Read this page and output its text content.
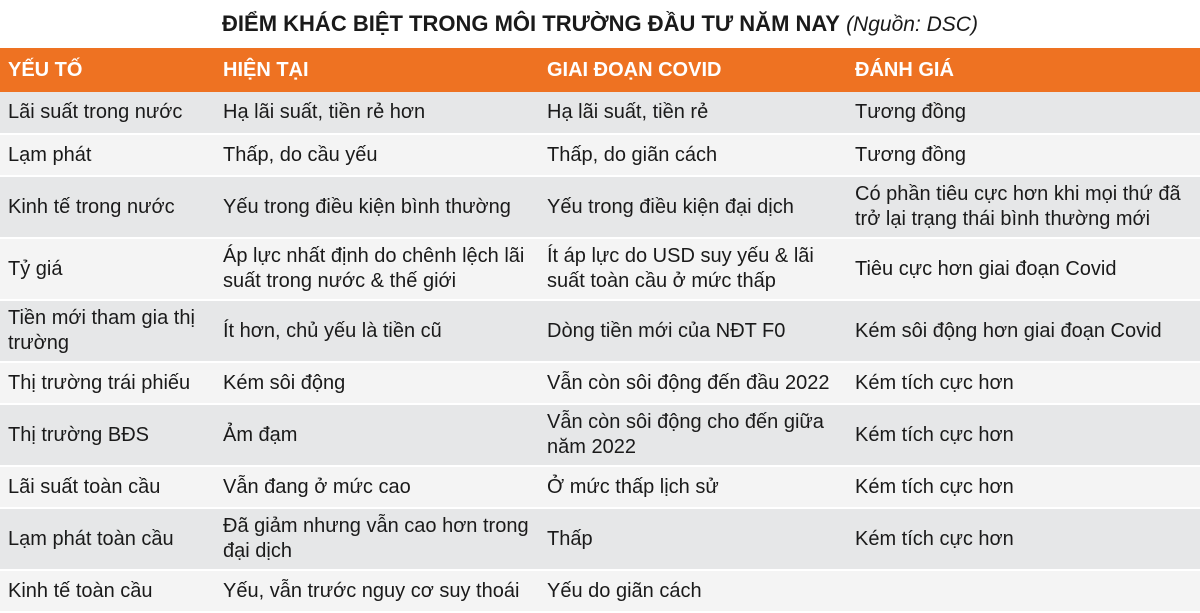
ĐIỂM KHÁC BIỆT TRONG MÔI TRƯỜNG ĐẦU TƯ NĂM NAY (Nguồn: DSC)
YẾU TỐ	HIỆN TẠI	GIAI ĐOẠN COVID	ĐÁNH GIÁ
Lãi suất trong nước	Hạ lãi suất, tiền rẻ hơn	Hạ lãi suất, tiền rẻ	Tương đồng
Lạm phát	Thấp, do cầu yếu	Thấp, do giãn cách	Tương đồng
Kinh tế trong nước	Yếu trong điều kiện bình thường	Yếu trong điều kiện đại dịch	Có phần tiêu cực hơn khi mọi thứ đã trở lại trạng thái bình thường mới
Tỷ giá	Áp lực nhất định do chênh lệch lãi suất trong nước & thế giới	Ít áp lực do USD suy yếu & lãi suất toàn cầu ở mức thấp	Tiêu cực hơn giai đoạn Covid
Tiền mới tham gia thị trường	Ít hơn, chủ yếu là tiền cũ	Dòng tiền mới của NĐT F0	Kém sôi động hơn giai đoạn Covid
Thị trường trái phiếu	Kém sôi động	Vẫn còn sôi động đến đầu 2022	Kém tích cực hơn
Thị trường BĐS	Ảm đạm	Vẫn còn sôi động cho đến giữa năm 2022	Kém tích cực hơn
Lãi suất toàn cầu	Vẫn đang ở mức cao	Ở mức thấp lịch sử	Kém tích cực hơn
Lạm phát toàn cầu	Đã giảm nhưng vẫn cao hơn trong đại dịch	Thấp	Kém tích cực hơn
Kinh tế toàn cầu	Yếu, vẫn trước nguy cơ suy thoái	Yếu do giãn cách	
